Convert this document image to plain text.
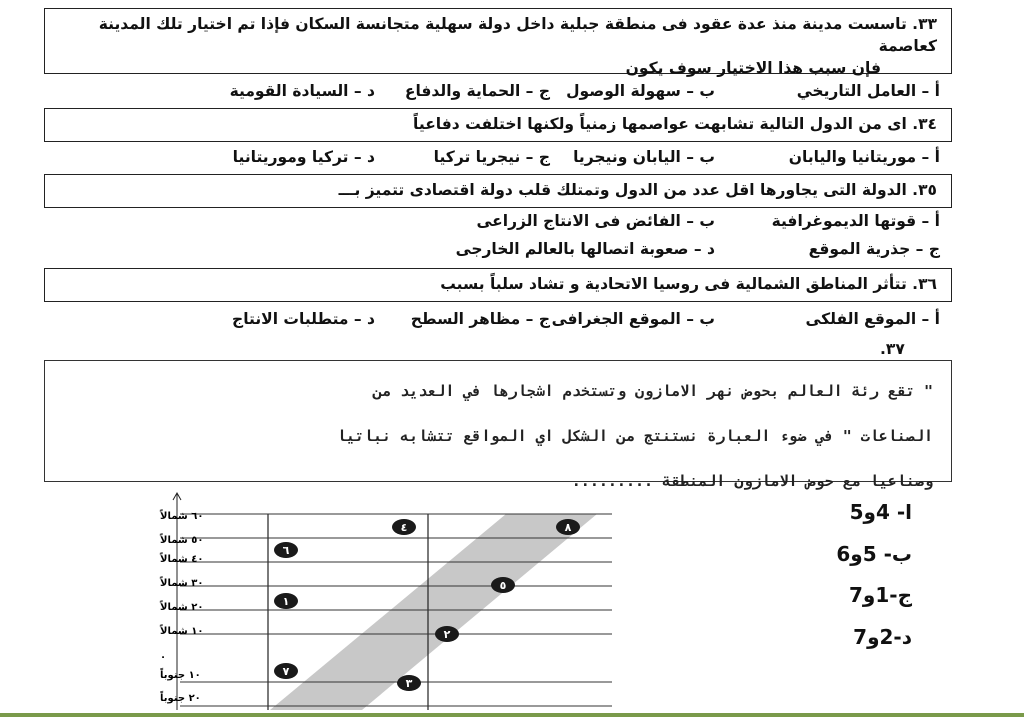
٣٣. تاسست مدينة منذ عدة عقود فى منطقة جبلية داخل دولة سهلية متجانسة السكان فإذا تم اختيار تلك المدينة كعاصمة
فإن سبب هذا الاختيار سوف يكون
أ – العامل التاريخي
ب – سهولة الوصول
ج – الحماية والدفاع
د – السيادة القومية
٣٤. اى من الدول التالية تشابهت عواصمها زمنياً ولكنها اختلفت دفاعياً
أ – موريتانيا واليابان
ب – اليابان ونيجريا
ج – نيجريا تركيا
د – تركيا وموريتانيا
٣٥. الدولة التى يجاورها اقل عدد من الدول وتمتلك قلب دولة اقتصادى تتميز بـــ
أ – قوتها الديموغرافية
ب – الفائض فى الانتاج الزراعى
ج – جذرية الموقع
د – صعوبة اتصالها بالعالم الخارجى
٣٦. تتأثر المناطق الشمالية فى روسيا الاتحادية و تشاد سلباً بسبب
أ – الموقع الفلكى
ب – الموقع الجغرافى
ج – مظاهر السطح
د – متطلبات الانتاج
.٣٧
" تقع رئة العالم بحوض نهر الامازون وتستخدم اشجارها في العديد من
الصناعات " في ضوء العبارة نستنتج من الشكل اي المواقع تتشابه نباتيا
وصناعيا مع حوض الامازون المنطقة .........
٦٠ شمالاً
٥٠ شمالاً
٤٠ شمالاً
٣٠ شمالاً
٢٠ شمالاً
١٠ شمالاً
٠
١٠ جنوباً
٢٠ جنوباً
١
٢
٣
٤
٥
٦
٧
٨
ا- 4و5
ب- 5و6
ج-1و7
د-2و7
